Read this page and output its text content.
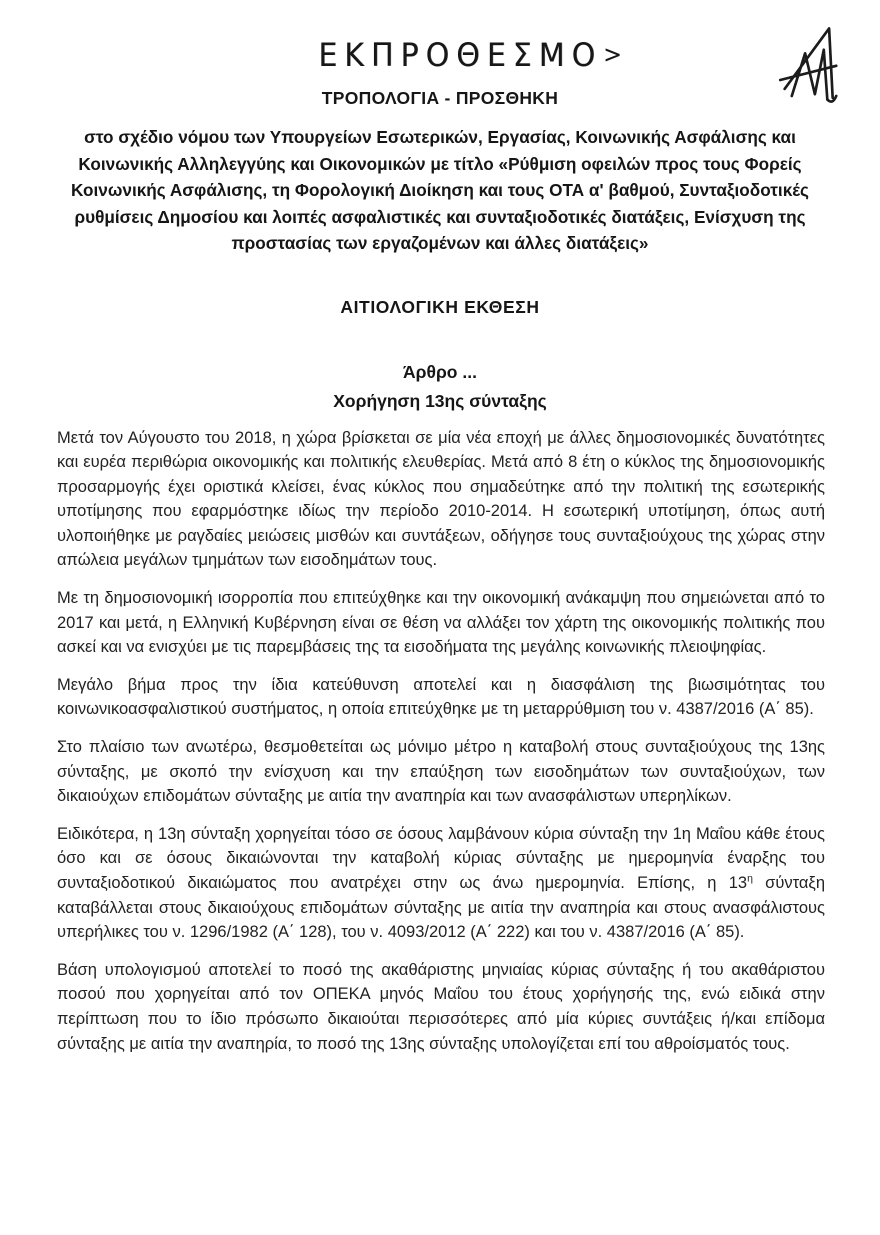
ΕΚΠΡΟΘΕΣΜΟ>
ΤΡΟΠΟΛΟΓΙΑ - ΠΡΟΣΘΗΚΗ

στο σχέδιο νόμου των Υπουργείων Εσωτερικών, Εργασίας, Κοινωνικής Ασφάλισης και Κοινωνικής Αλληλεγγύης και Οικονομικών με τίτλο «Ρύθμιση οφειλών προς τους Φορείς Κοινωνικής Ασφάλισης, τη Φορολογική Διοίκηση και τους ΟΤΑ α' βαθμού, Συνταξιοδοτικές ρυθμίσεις Δημοσίου και λοιπές ασφαλιστικές και συνταξιοδοτικές διατάξεις, Ενίσχυση της προστασίας των εργαζομένων και άλλες διατάξεις»

ΑΙΤΙΟΛΟΓΙΚΗ ΕΚΘΕΣΗ
Άρθρο ...
Χορήγηση 13ης σύνταξης

Μετά τον Αύγουστο του 2018, η χώρα βρίσκεται σε μία νέα εποχή με άλλες δημοσιονομικές δυνατότητες και ευρέα περιθώρια οικονομικής και πολιτικής ελευθερίας. Μετά από 8 έτη ο κύκλος της δημοσιονομικής προσαρμογής έχει οριστικά κλείσει, ένας κύκλος που σημαδεύτηκε από την πολιτική της εσωτερικής υποτίμησης που εφαρμόστηκε ιδίως την περίοδο 2010-2014. Η εσωτερική υποτίμηση, όπως αυτή υλοποιήθηκε με ραγδαίες μειώσεις μισθών και συντάξεων, οδήγησε τους συνταξιούχους της χώρας στην απώλεια μεγάλων τμημάτων των εισοδημάτων τους.

Με τη δημοσιονομική ισορροπία που επιτεύχθηκε και την οικονομική ανάκαμψη που σημειώνεται από το 2017 και μετά, η Ελληνική Κυβέρνηση είναι σε θέση να αλλάξει τον χάρτη της οικονομικής πολιτικής που ασκεί και να ενισχύει με τις παρεμβάσεις της τα εισοδήματα της μεγάλης κοινωνικής πλειοψηφίας.

Μεγάλο βήμα προς την ίδια κατεύθυνση αποτελεί και η διασφάλιση της βιωσιμότητας του κοινωνικοασφαλιστικού συστήματος, η οποία επιτεύχθηκε με τη μεταρρύθμιση του ν. 4387/2016 (Α΄ 85).

Στο πλαίσιο των ανωτέρω, θεσμοθετείται ως μόνιμο μέτρο η καταβολή στους συνταξιούχους της 13ης σύνταξης, με σκοπό την ενίσχυση και την επαύξηση των εισοδημάτων των συνταξιούχων, των δικαιούχων επιδομάτων σύνταξης με αιτία την αναπηρία και των ανασφάλιστων υπερηλίκων.

Ειδικότερα, η 13η σύνταξη χορηγείται τόσο σε όσους λαμβάνουν κύρια σύνταξη την 1η Μαΐου κάθε έτους όσο και σε όσους δικαιώνονται την καταβολή κύριας σύνταξης με ημερομηνία έναρξης του συνταξιοδοτικού δικαιώματος που ανατρέχει στην ως άνω ημερομηνία. Επίσης, η $13^\eta$ σύνταξη καταβάλλεται στους δικαιούχους επιδομάτων σύνταξης με αιτία την αναπηρία και στους ανασφάλιστους υπερήλικες του ν. 1296/1982 (Α΄ 128), του ν. 4093/2012 (Α΄ 222) και του ν. 4387/2016 (Α΄ 85).

Βάση υπολογισμού αποτελεί το ποσό της ακαθάριστης μηνιαίας κύριας σύνταξης ή του ακαθάριστου ποσού που χορηγείται από τον ΟΠΕΚΑ μηνός Μαΐου του έτους χορήγησής της, ενώ ειδικά στην περίπτωση που το ίδιο πρόσωπο δικαιούται περισσότερες από μία κύριες συντάξεις ή/και επίδομα σύνταξης με αιτία την αναπηρία, το ποσό της 13ης σύνταξης υπολογίζεται επί του αθροίσματός τους.
